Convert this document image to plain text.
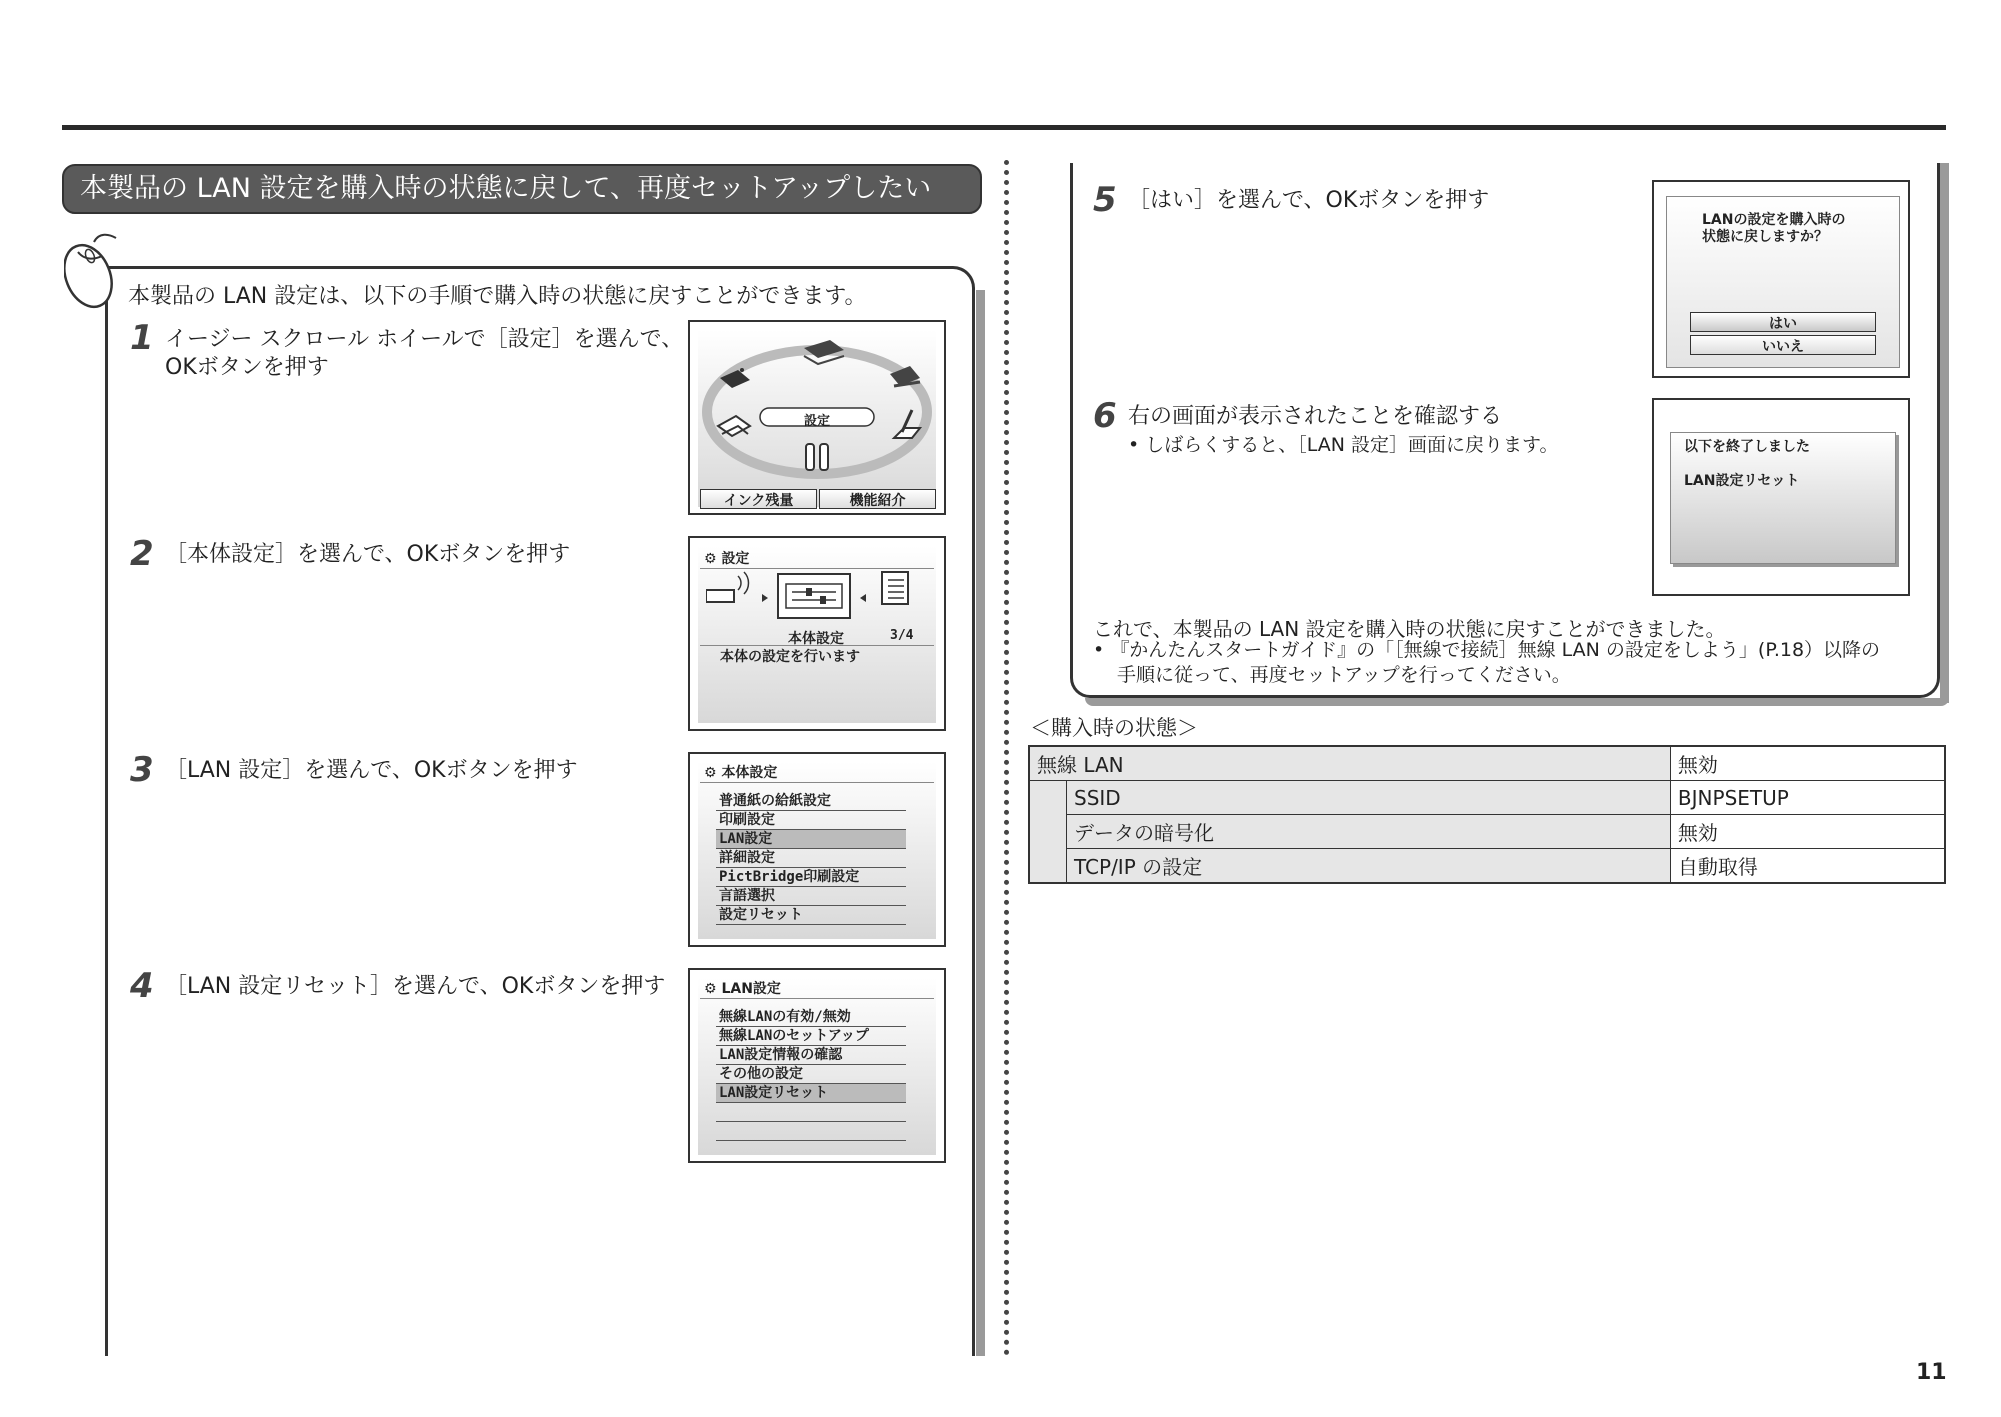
本製品の LAN 設定を購入時の状態に戻して、再度セットアップしたい
本製品の LAN 設定は、以下の手順で購入時の状態に戻すことができます。
1 イージー スクロール ホイールで［設定］を選んで、
OKボタンを押す
設定
インク残量	機能紹介
2 ［本体設定］を選んで、OKボタンを押す	⚙ 設定
本体設定	3/4
本体の設定を行います
3 ［LAN 設定］を選んで、OKボタンを押す	⚙ 本体設定
普通紙の給紙設定
印刷設定
LAN設定
詳細設定
PictBridge印刷設定
言語選択
設定リセット
4 ［LAN 設定リセット］を選んで、OKボタンを押す	⚙ LAN設定
無線LANの有効/無効
無線LANのセットアップ
LAN設定情報の確認
その他の設定
LAN設定リセット
5 ［はい］を選んで、OKボタンを押す
LANの設定を購入時の
状態に戻しますか？
はい
いいえ
6 右の画面が表示されたことを確認する
• しばらくすると、［LAN 設定］画面に戻ります。	以下を終了しました
LAN設定リセット
これで、本製品の LAN 設定を購入時の状態に戻すことができました。
• 『かんたんスタートガイド』の「［無線で接続］無線 LAN の設定をしよう」(P.18）以降の
手順に従って、再度セットアップを行ってください。
＜購入時の状態＞
無線 LAN		無効
	SSID	BJNPSETUP
	データの暗号化	無効
	TCP/IP の設定	自動取得
11
